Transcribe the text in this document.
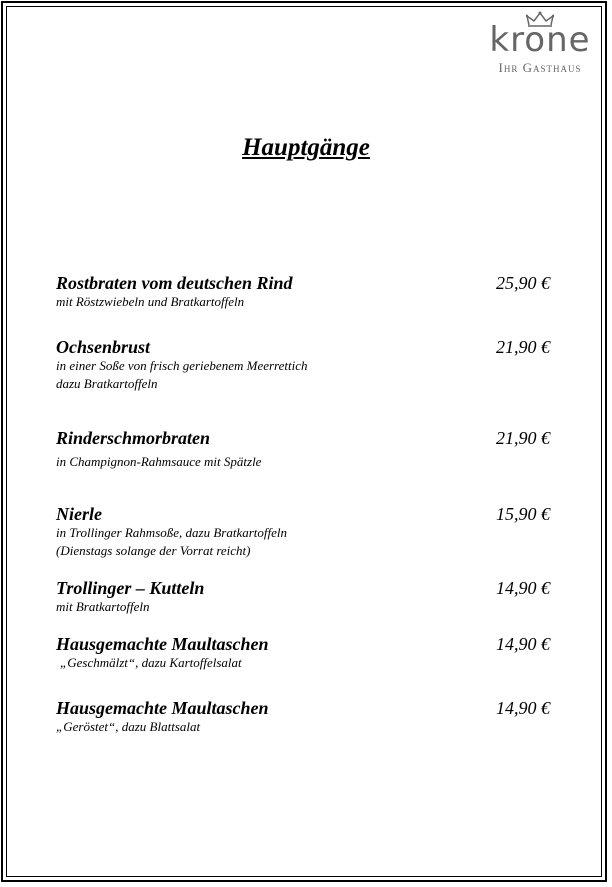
krone
Ihr Gasthaus
Hauptgänge
Rostbraten vom deutschen Rind	25,90 €
mit Röstzwiebeln und Bratkartoffeln
Ochsenbrust	21,90 €
in einer Soße von frisch geriebenem Meerrettich
dazu Bratkartoffeln
Rinderschmorbraten	21,90 €
in Champignon-Rahmsauce mit Spätzle
Nierle	15,90 €
in Trollinger Rahmsoße, dazu Bratkartoffeln
(Dienstags solange der Vorrat reicht)
Trollinger – Kutteln	14,90 €
mit Bratkartoffeln
Hausgemachte Maultaschen	14,90 €
„Geschmälzt“, dazu Kartoffelsalat
Hausgemachte Maultaschen	14,90 €
„Geröstet“, dazu Blattsalat
